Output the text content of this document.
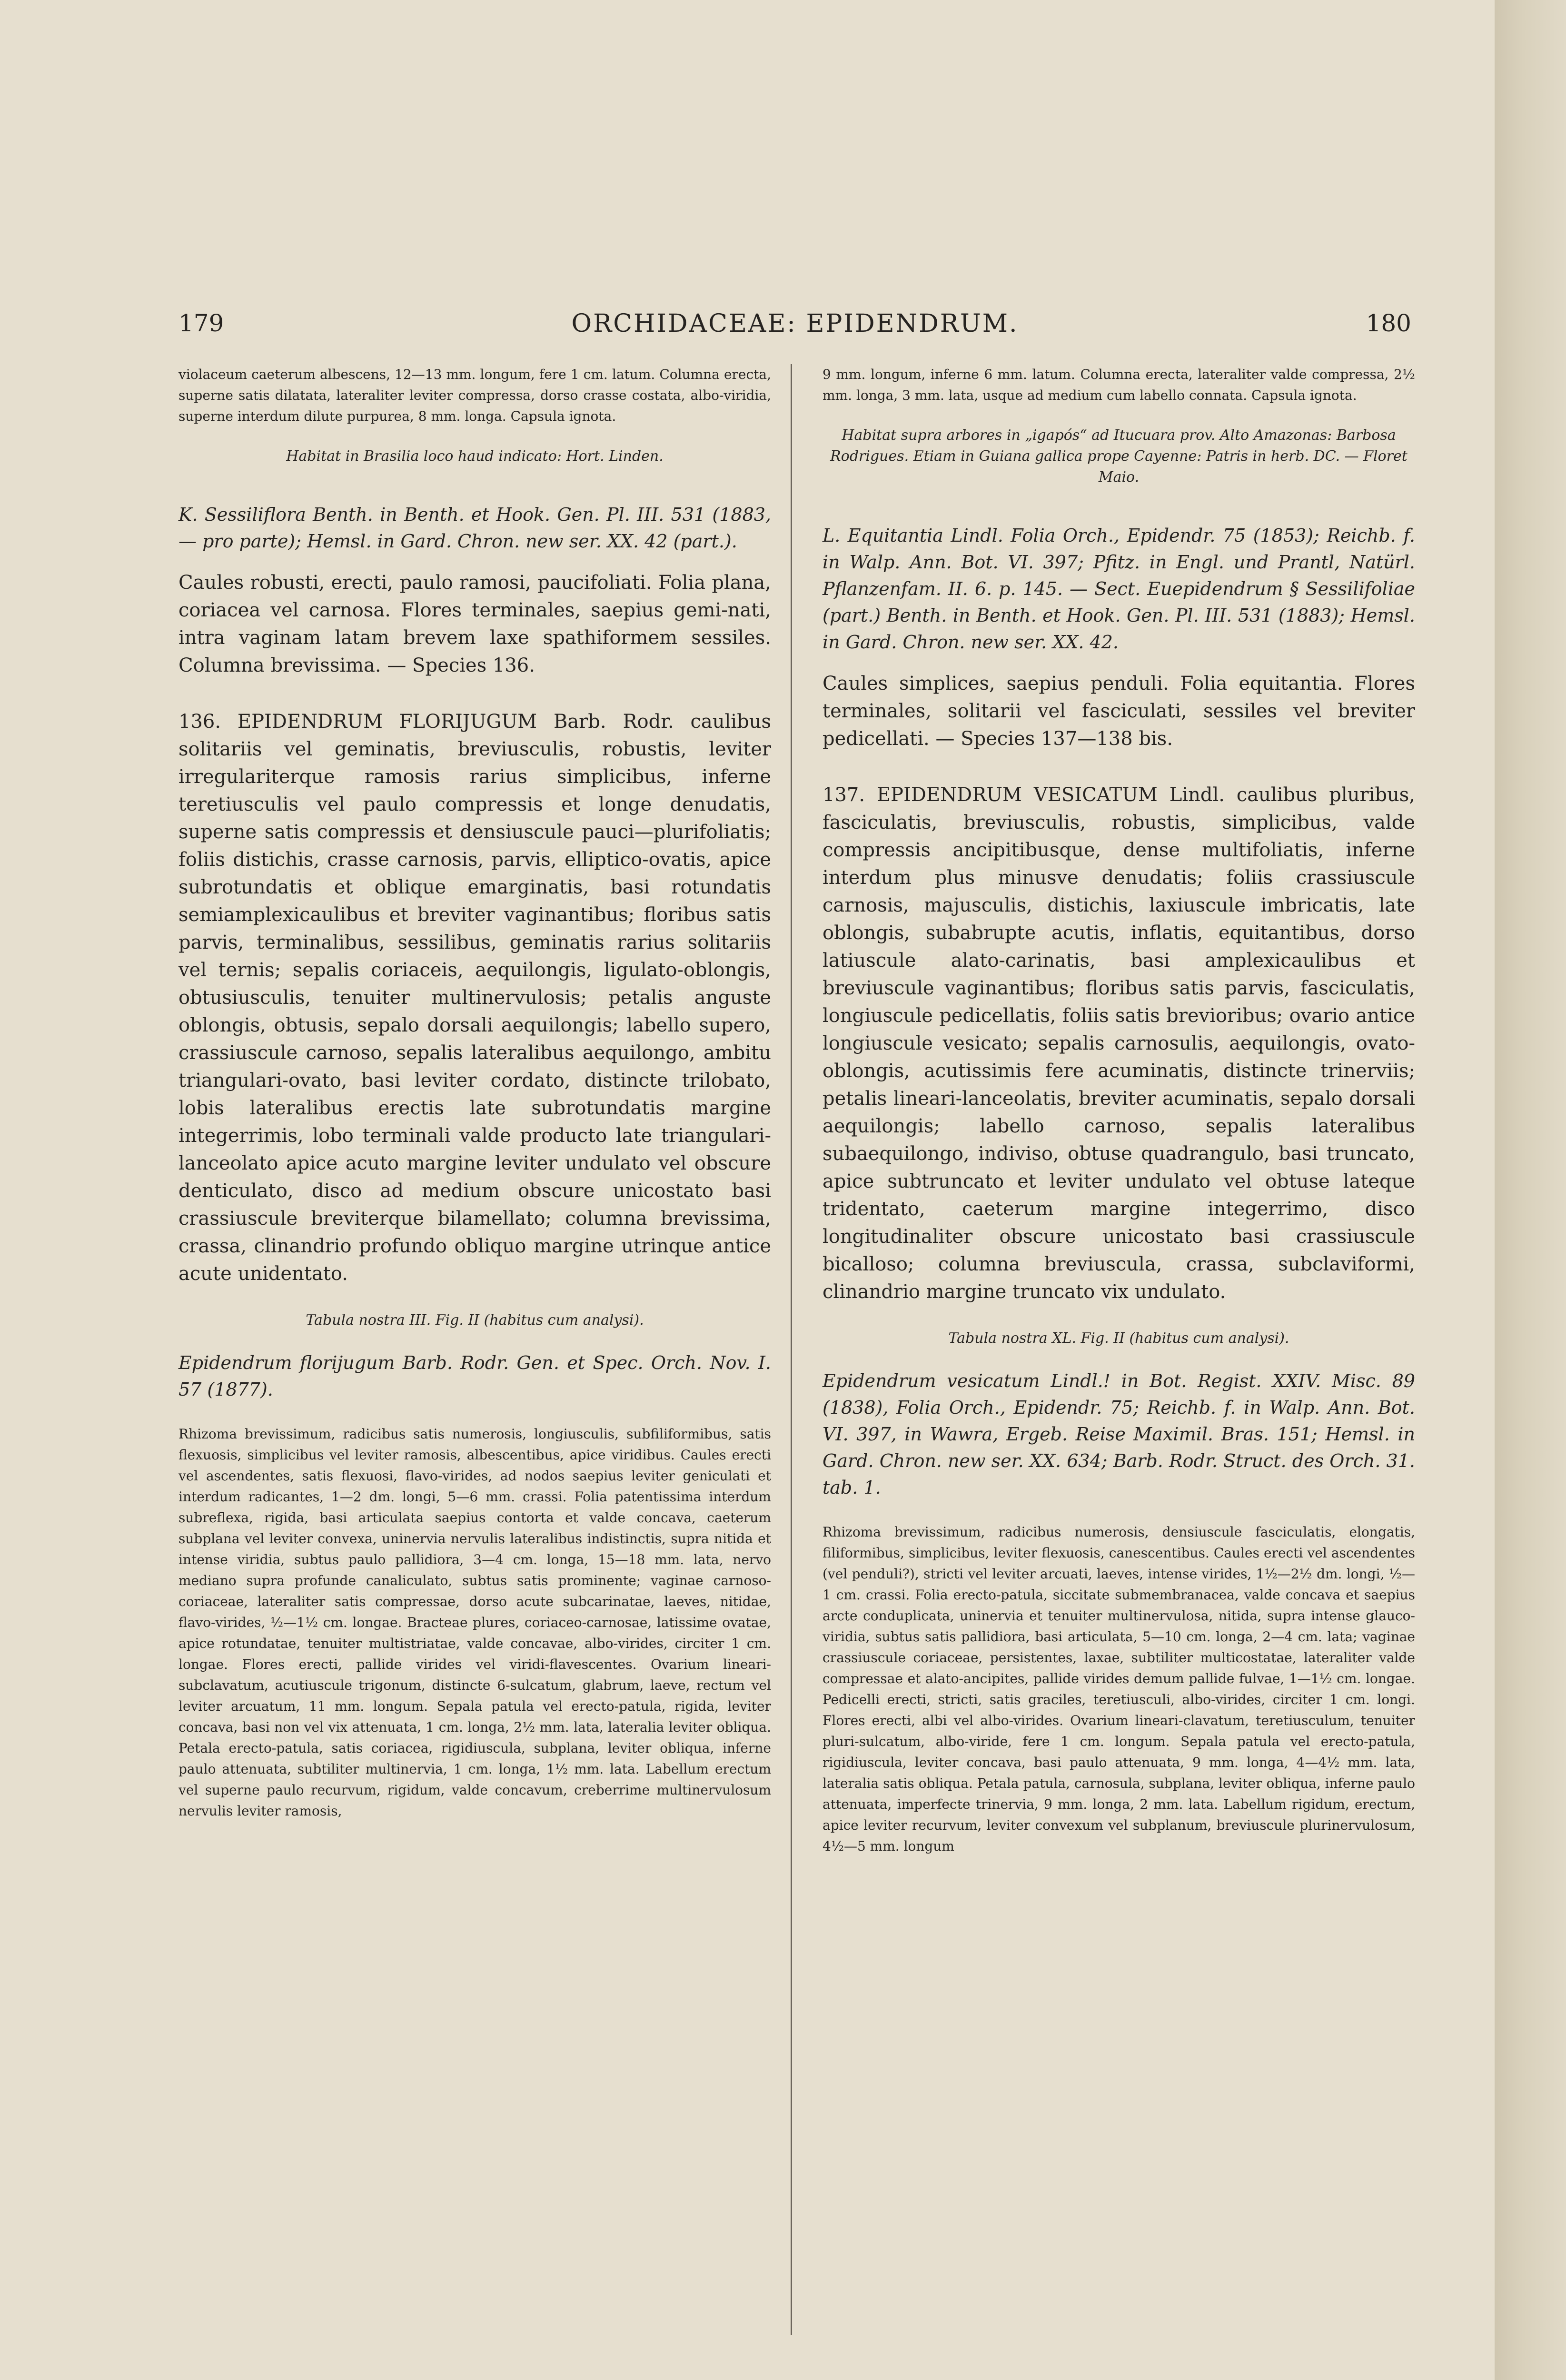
179	ORCHIDACEAE: EPIDENDRUM.	180

violaceum caeterum albescens, 12—13 mm. longum, fere 1 cm. latum. Columna erecta, superne satis dilatata, lateraliter leviter compressa, dorso crasse costata, albo-viridia, superne interdum dilute purpurea, 8 mm. longa. Capsula ignota.

Habitat in Brasilia loco haud indicato: Hort. Linden.

K. Sessiliflora Benth. in Benth. et Hook. Gen. Pl. III. 531 (1883, — pro parte); Hemsl. in Gard. Chron. new ser. XX. 42 (part.).

Caules robusti, erecti, paulo ramosi, paucifoliati. Folia plana, coriacea vel carnosa. Flores terminales, saepius gemi-nati, intra vaginam latam brevem laxe spathiformem sessiles. Columna brevissima. — Species 136.

136. EPIDENDRUM FLORIJUGUM Barb. Rodr. caulibus solitariis vel geminatis, breviusculis, robustis, leviter irregulariterque ramosis rarius simplicibus, inferne teretiusculis vel paulo compressis et longe denudatis, superne satis compressis et densiuscule pauci—plurifoliatis; foliis distichis, crasse carnosis, parvis, elliptico-ovatis, apice subrotundatis et oblique emarginatis, basi rotundatis semiamplexicaulibus et breviter vaginantibus; floribus satis parvis, terminalibus, sessilibus, geminatis rarius solitariis vel ternis; sepalis coriaceis, aequilongis, ligulato-oblongis, obtusiusculis, tenuiter multinervulosis; petalis anguste oblongis, obtusis, sepalo dorsali aequilongis; labello supero, crassiuscule carnoso, sepalis lateralibus aequilongo, ambitu triangulari-ovato, basi leviter cordato, distincte trilobato, lobis lateralibus erectis late subrotundatis margine integerrimis, lobo terminali valde producto late triangulari-lanceolato apice acuto margine leviter undulato vel obscure denticulato, disco ad medium obscure unicostato basi crassiuscule breviterque bilamellato; columna brevissima, crassa, clinandrio profundo obliquo margine utrinque antice acute unidentato.

Tabula nostra III. Fig. II (habitus cum analysi).

Epidendrum florijugum Barb. Rodr. Gen. et Spec. Orch. Nov. I. 57 (1877).

Rhizoma brevissimum, radicibus satis numerosis, longiusculis, subfiliformibus, satis flexuosis, simplicibus vel leviter ramosis, albescentibus, apice viridibus. Caules erecti vel ascendentes, satis flexuosi, flavo-virides, ad nodos saepius leviter geniculati et interdum radicantes, 1—2 dm. longi, 5—6 mm. crassi. Folia patentissima interdum subreflexa, rigida, basi articulata saepius contorta et valde concava, caeterum subplana vel leviter convexa, uninervia nervulis lateralibus indistinctis, supra nitida et intense viridia, subtus paulo pallidiora, 3—4 cm. longa, 15—18 mm. lata, nervo mediano supra profunde canaliculato, subtus satis prominente; vaginae carnoso-coriaceae, lateraliter satis compressae, dorso acute subcarinatae, laeves, nitidae, flavo-virides, ½—1½ cm. longae. Bracteae plures, coriaceo-carnosae, latissime ovatae, apice rotundatae, tenuiter multistriatae, valde concavae, albo-virides, circiter 1 cm. longae. Flores erecti, pallide virides vel viridi-flavescentes. Ovarium lineari-subclavatum, acutiuscule trigonum, distincte 6-sulcatum, glabrum, laeve, rectum vel leviter arcuatum, 11 mm. longum. Sepala patula vel erecto-patula, rigida, leviter concava, basi non vel vix attenuata, 1 cm. longa, 2½ mm. lata, lateralia leviter obliqua. Petala erecto-patula, satis coriacea, rigidiuscula, subplana, leviter obliqua, inferne paulo attenuata, subtiliter multinervia, 1 cm. longa, 1½ mm. lata. Labellum erectum vel superne paulo recurvum, rigidum, valde concavum, creberrime multinervulosum nervulis leviter ramosis,

9 mm. longum, inferne 6 mm. latum. Columna erecta, lateraliter valde compressa, 2½ mm. longa, 3 mm. lata, usque ad medium cum labello connata. Capsula ignota.

Habitat supra arbores in „igapós“ ad Itucuara prov. Alto Amazonas: Barbosa Rodrigues. Etiam in Guiana gallica prope Cayenne: Patris in herb. DC. — Floret Maio.

L. Equitantia Lindl. Folia Orch., Epidendr. 75 (1853); Reichb. f. in Walp. Ann. Bot. VI. 397; Pfitz. in Engl. und Prantl, Natürl. Pflanzenfam. II. 6. p. 145. — Sect. Euepidendrum § Sessilifoliae (part.) Benth. in Benth. et Hook. Gen. Pl. III. 531 (1883); Hemsl. in Gard. Chron. new ser. XX. 42.

Caules simplices, saepius penduli. Folia equitantia. Flores terminales, solitarii vel fasciculati, sessiles vel breviter pedicellati. — Species 137—138 bis.

137. EPIDENDRUM VESICATUM Lindl. caulibus pluribus, fasciculatis, breviusculis, robustis, simplicibus, valde compressis ancipitibusque, dense multifoliatis, inferne interdum plus minusve denudatis; foliis crassiuscule carnosis, majusculis, distichis, laxiuscule imbricatis, late oblongis, subabrupte acutis, inflatis, equitantibus, dorso latiuscule alato-carinatis, basi amplexicaulibus et breviuscule vaginantibus; floribus satis parvis, fasciculatis, longiuscule pedicellatis, foliis satis brevioribus; ovario antice longiuscule vesicato; sepalis carnosulis, aequilongis, ovato-oblongis, acutissimis fere acuminatis, distincte trinerviis; petalis lineari-lanceolatis, breviter acuminatis, sepalo dorsali aequilongis; labello carnoso, sepalis lateralibus subaequilongo, indiviso, obtuse quadrangulo, basi truncato, apice subtruncato et leviter undulato vel obtuse lateque tridentato, caeterum margine integerrimo, disco longitudinaliter obscure unicostato basi crassiuscule bicalloso; columna breviuscula, crassa, subclaviformi, clinandrio margine truncato vix undulato.

Tabula nostra XL. Fig. II (habitus cum analysi).

Epidendrum vesicatum Lindl.! in Bot. Regist. XXIV. Misc. 89 (1838), Folia Orch., Epidendr. 75; Reichb. f. in Walp. Ann. Bot. VI. 397, in Wawra, Ergeb. Reise Maximil. Bras. 151; Hemsl. in Gard. Chron. new ser. XX. 634; Barb. Rodr. Struct. des Orch. 31. tab. 1.

Rhizoma brevissimum, radicibus numerosis, densiuscule fasciculatis, elongatis, filiformibus, simplicibus, leviter flexuosis, canescentibus. Caules erecti vel ascendentes (vel penduli?), stricti vel leviter arcuati, laeves, intense virides, 1½—2½ dm. longi, ½—1 cm. crassi. Folia erecto-patula, siccitate submembranacea, valde concava et saepius arcte conduplicata, uninervia et tenuiter multinervulosa, nitida, supra intense glauco-viridia, subtus satis pallidiora, basi articulata, 5—10 cm. longa, 2—4 cm. lata; vaginae crassiuscule coriaceae, persistentes, laxae, subtiliter multicostatae, lateraliter valde compressae et alato-ancipites, pallide virides demum pallide fulvae, 1—1½ cm. longae. Pedicelli erecti, stricti, satis graciles, teretiusculi, albo-virides, circiter 1 cm. longi. Flores erecti, albi vel albo-virides. Ovarium lineari-clavatum, teretiusculum, tenuiter pluri-sulcatum, albo-viride, fere 1 cm. longum. Sepala patula vel erecto-patula, rigidiuscula, leviter concava, basi paulo attenuata, 9 mm. longa, 4—4½ mm. lata, lateralia satis obliqua. Petala patula, carnosula, subplana, leviter obliqua, inferne paulo attenuata, imperfecte trinervia, 9 mm. longa, 2 mm. lata. Labellum rigidum, erectum, apice leviter recurvum, leviter convexum vel subplanum, breviuscule plurinervulosum, 4½—5 mm. longum
